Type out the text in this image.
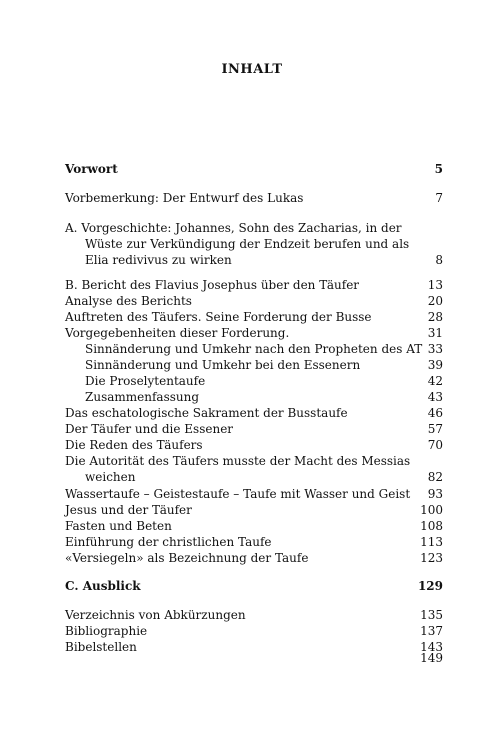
INHALT
Vorwort	5
Vorbemerkung: Der Entwurf des Lukas	7
A. Vorgeschichte: Johannes, Sohn des Zacharias, in der
Wüste zur Verkündigung der Endzeit berufen und als
Elia redivivus zu wirken	8
B. Bericht des Flavius Josephus über den Täufer	13
Analyse des Berichts	20
Auftreten des Täufers. Seine Forderung der Busse	28
Vorgegebenheiten dieser Forderung.	31
Sinnänderung und Umkehr nach den Propheten des AT 33
Sinnänderung und Umkehr bei den Essenern	39
Die Proselytentaufe	42
Zusammenfassung	43
Das eschatologische Sakrament der Busstaufe	46
Der Täufer und die Essener	57
Die Reden des Täufers	70
Die Autorität des Täufers musste der Macht des Messias
weichen	82
Wassertaufe – Geistestaufe – Taufe mit Wasser und Geist 93
Jesus und der Täufer	100
Fasten und Beten	108
Einführung der christlichen Taufe	113
«Versiegeln» als Bezeichnung der Taufe	123
C. Ausblick	129
Verzeichnis von Abkürzungen	135
Bibliographie	137
Bibelstellen	143
149
